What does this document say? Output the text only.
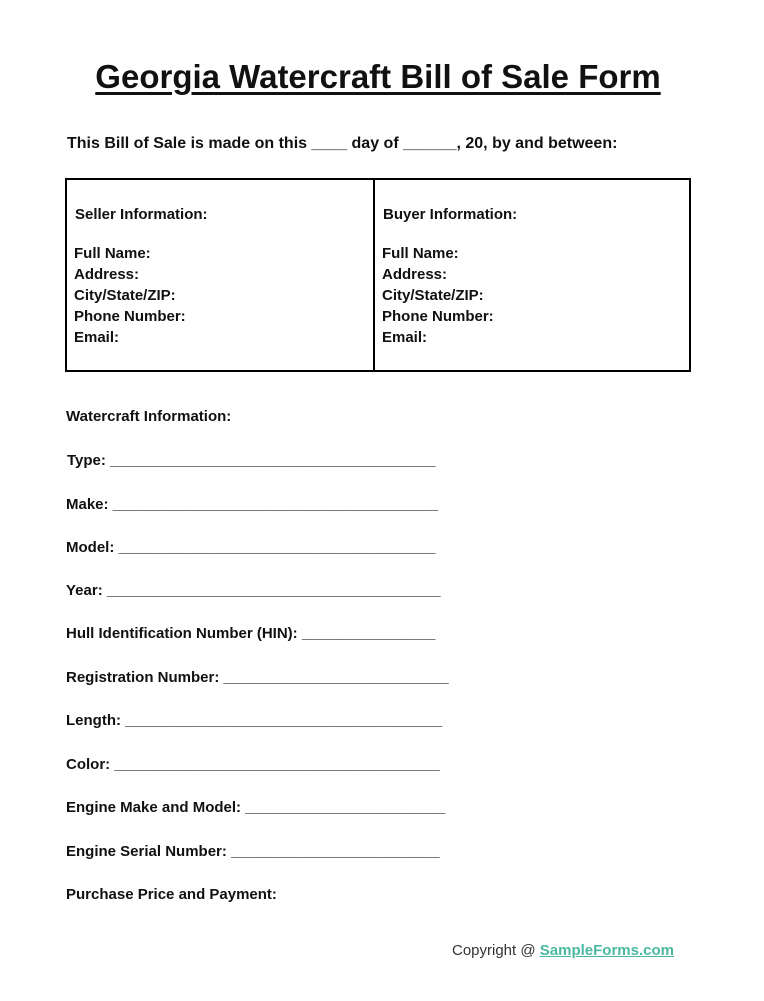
Georgia Watercraft Bill of Sale Form
This Bill of Sale is made on this ____ day of ______, 20, by and between:
Seller Information:
Full Name:
Address:
City/State/ZIP:
Phone Number:
Email:
Buyer Information:
Full Name:
Address:
City/State/ZIP:
Phone Number:
Email:
Watercraft Information:
Type: _______________________________________
Make: _______________________________________
Model: ______________________________________
Year: ________________________________________
Hull Identification Number (HIN): ________________
Registration Number: ___________________________
Length: ______________________________________
Color: _______________________________________
Engine Make and Model: ________________________
Engine Serial Number: _________________________
Purchase Price and Payment:
Copyright @ SampleForms.com
